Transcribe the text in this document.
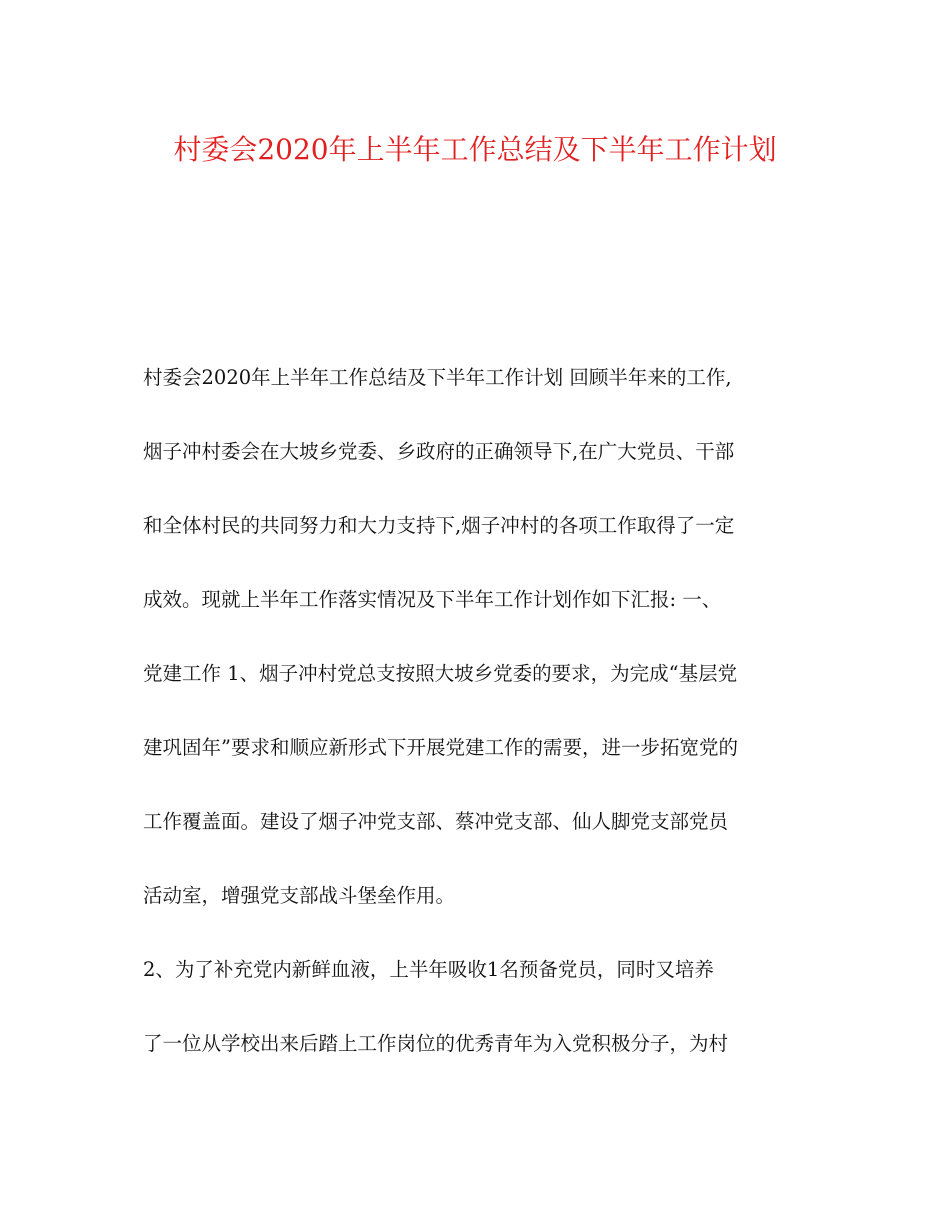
村委会2020年上半年工作总结及下半年工作计划
村委会2020年上半年工作总结及下半年工作计划 回顾半年来的工作,
烟子冲村委会在大坡乡党委、乡政府的正确领导下,在广大党员、干部
和全体村民的共同努力和大力支持下,烟子冲村的各项工作取得了一定
成效。现就上半年工作落实情况及下半年工作计划作如下汇报: 一、
党建工作 1、烟子冲村党总支按照大坡乡党委的要求，为完成“基层党
建巩固年”要求和顺应新形式下开展党建工作的需要，进一步拓宽党的
工作覆盖面。建设了烟子冲党支部、蔡冲党支部、仙人脚党支部党员
活动室，增强党支部战斗堡垒作用。
2、为了补充党内新鲜血液，上半年吸收1名预备党员，同时又培养
了一位从学校出来后踏上工作岗位的优秀青年为入党积极分子，为村
